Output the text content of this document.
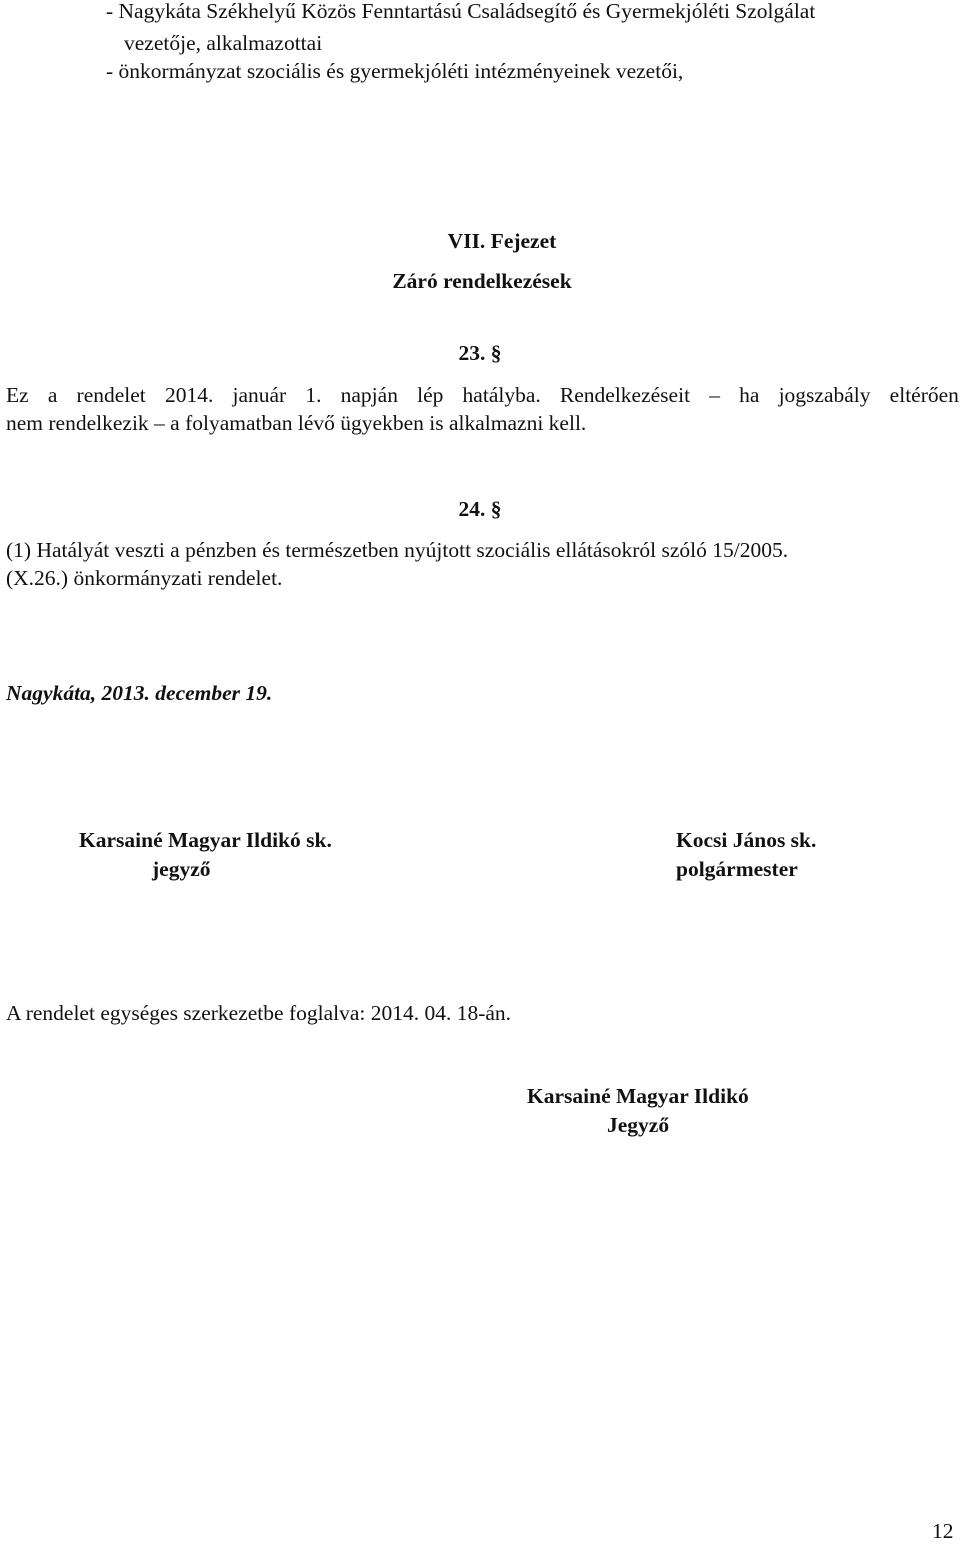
- Nagykáta Székhelyű Közös Fenntartású Családsegítő és Gyermekjóléti Szolgálat
vezetője, alkalmazottai
- önkormányzat szociális és gyermekjóléti intézményeinek vezetői,
VII. Fejezet
Záró rendelkezések
23. §
Ez a rendelet 2014. január 1. napján lép hatályba. Rendelkezéseit – ha jogszabály eltérően
nem rendelkezik – a folyamatban lévő ügyekben is alkalmazni kell.
24. §
(1) Hatályát veszti a pénzben és természetben nyújtott szociális ellátásokról szóló 15/2005.
(X.26.) önkormányzati rendelet.
Nagykáta, 2013. december 19.
Karsainé Magyar Ildikó sk.
jegyző
Kocsi János sk.
polgármester
A rendelet egységes szerkezetbe foglalva: 2014. 04. 18-án.
Karsainé Magyar Ildikó
Jegyző
12
